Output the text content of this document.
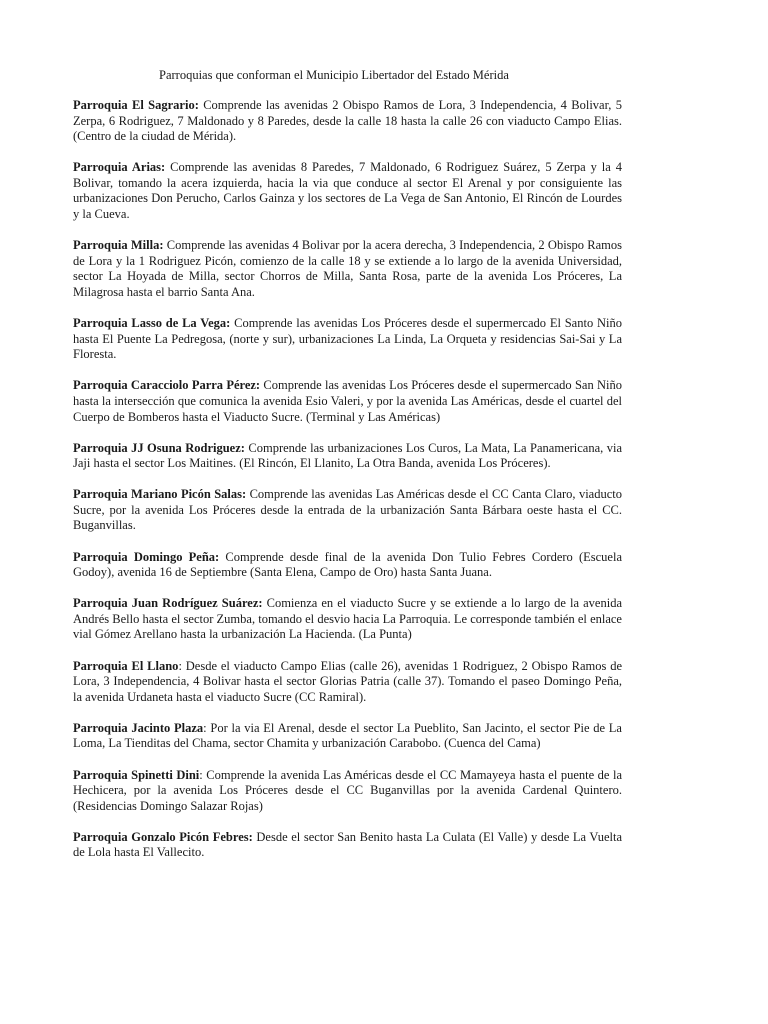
Parroquias que conforman el Municipio Libertador del Estado Mérida

Parroquia El Sagrario: Comprende las avenidas 2 Obispo Ramos de Lora, 3 Independencia, 4 Bolivar, 5 Zerpa, 6 Rodriguez, 7 Maldonado y 8 Paredes, desde la calle 18 hasta la calle 26 con viaducto Campo Elias. (Centro de la ciudad de Mérida).

Parroquia Arias: Comprende las avenidas 8 Paredes, 7 Maldonado, 6 Rodriguez Suárez, 5 Zerpa y la 4 Bolivar, tomando la acera izquierda, hacia la via que conduce al sector El Arenal y por consiguiente las urbanizaciones Don Perucho, Carlos Gainza y los sectores de La Vega de San Antonio, El Rincón de Lourdes y la Cueva.

Parroquia Milla: Comprende las avenidas 4 Bolivar por la acera derecha, 3 Independencia, 2 Obispo Ramos de Lora y la 1 Rodriguez Picón, comienzo de la calle 18 y se extiende a lo largo de la avenida Universidad, sector La Hoyada de Milla, sector Chorros de Milla, Santa Rosa, parte de la avenida Los Próceres, La Milagrosa hasta el barrio Santa Ana.

Parroquia Lasso de La Vega: Comprende las avenidas Los Próceres desde el supermercado El Santo Niño hasta El Puente La Pedregosa, (norte y sur), urbanizaciones La Linda, La Orqueta y residencias Sai-Sai y La Floresta.

Parroquia Caracciolo Parra Pérez: Comprende las avenidas Los Próceres desde el supermercado San Niño hasta la intersección que comunica la avenida Esio Valeri, y por la avenida Las Américas, desde el cuartel del Cuerpo de Bomberos hasta el Viaducto Sucre. (Terminal y Las Américas)

Parroquia JJ Osuna Rodriguez: Comprende las urbanizaciones Los Curos, La Mata, La Panamericana, via Jaji hasta el sector Los Maitines. (El Rincón, El Llanito, La Otra Banda, avenida Los Próceres).

Parroquia Mariano Picón Salas: Comprende las avenidas Las Américas desde el CC Canta Claro, viaducto Sucre, por la avenida Los Próceres desde la entrada de la urbanización Santa Bárbara oeste hasta el CC. Buganvillas.

Parroquia Domingo Peña: Comprende desde final de la avenida Don Tulio Febres Cordero (Escuela Godoy), avenida 16 de Septiembre (Santa Elena, Campo de Oro) hasta Santa Juana.

Parroquia Juan Rodríguez Suárez: Comienza en el viaducto Sucre y se extiende a lo largo de la avenida Andrés Bello hasta el sector Zumba, tomando el desvio hacia La Parroquia. Le corresponde también el enlace vial Gómez Arellano hasta la urbanización La Hacienda. (La Punta)

Parroquia El Llano: Desde el viaducto Campo Elias (calle 26), avenidas 1 Rodriguez, 2 Obispo Ramos de Lora, 3 Independencia, 4 Bolivar hasta el sector Glorias Patria (calle 37). Tomando el paseo Domingo Peña, la avenida Urdaneta hasta el viaducto Sucre (CC Ramiral).

Parroquia Jacinto Plaza: Por la via El Arenal, desde el sector La Pueblito, San Jacinto, el sector Pie de La Loma, La Tienditas del Chama, sector Chamita y urbanización Carabobo. (Cuenca del Cama)

Parroquia Spinetti Dini: Comprende la avenida Las Américas desde el CC Mamayeya hasta el puente de la Hechicera, por la avenida Los Próceres desde el CC Buganvillas por la avenida Cardenal Quintero. (Residencias Domingo Salazar Rojas)

Parroquia Gonzalo Picón Febres: Desde el sector San Benito hasta La Culata (El Valle) y desde La Vuelta de Lola hasta El Vallecito.
